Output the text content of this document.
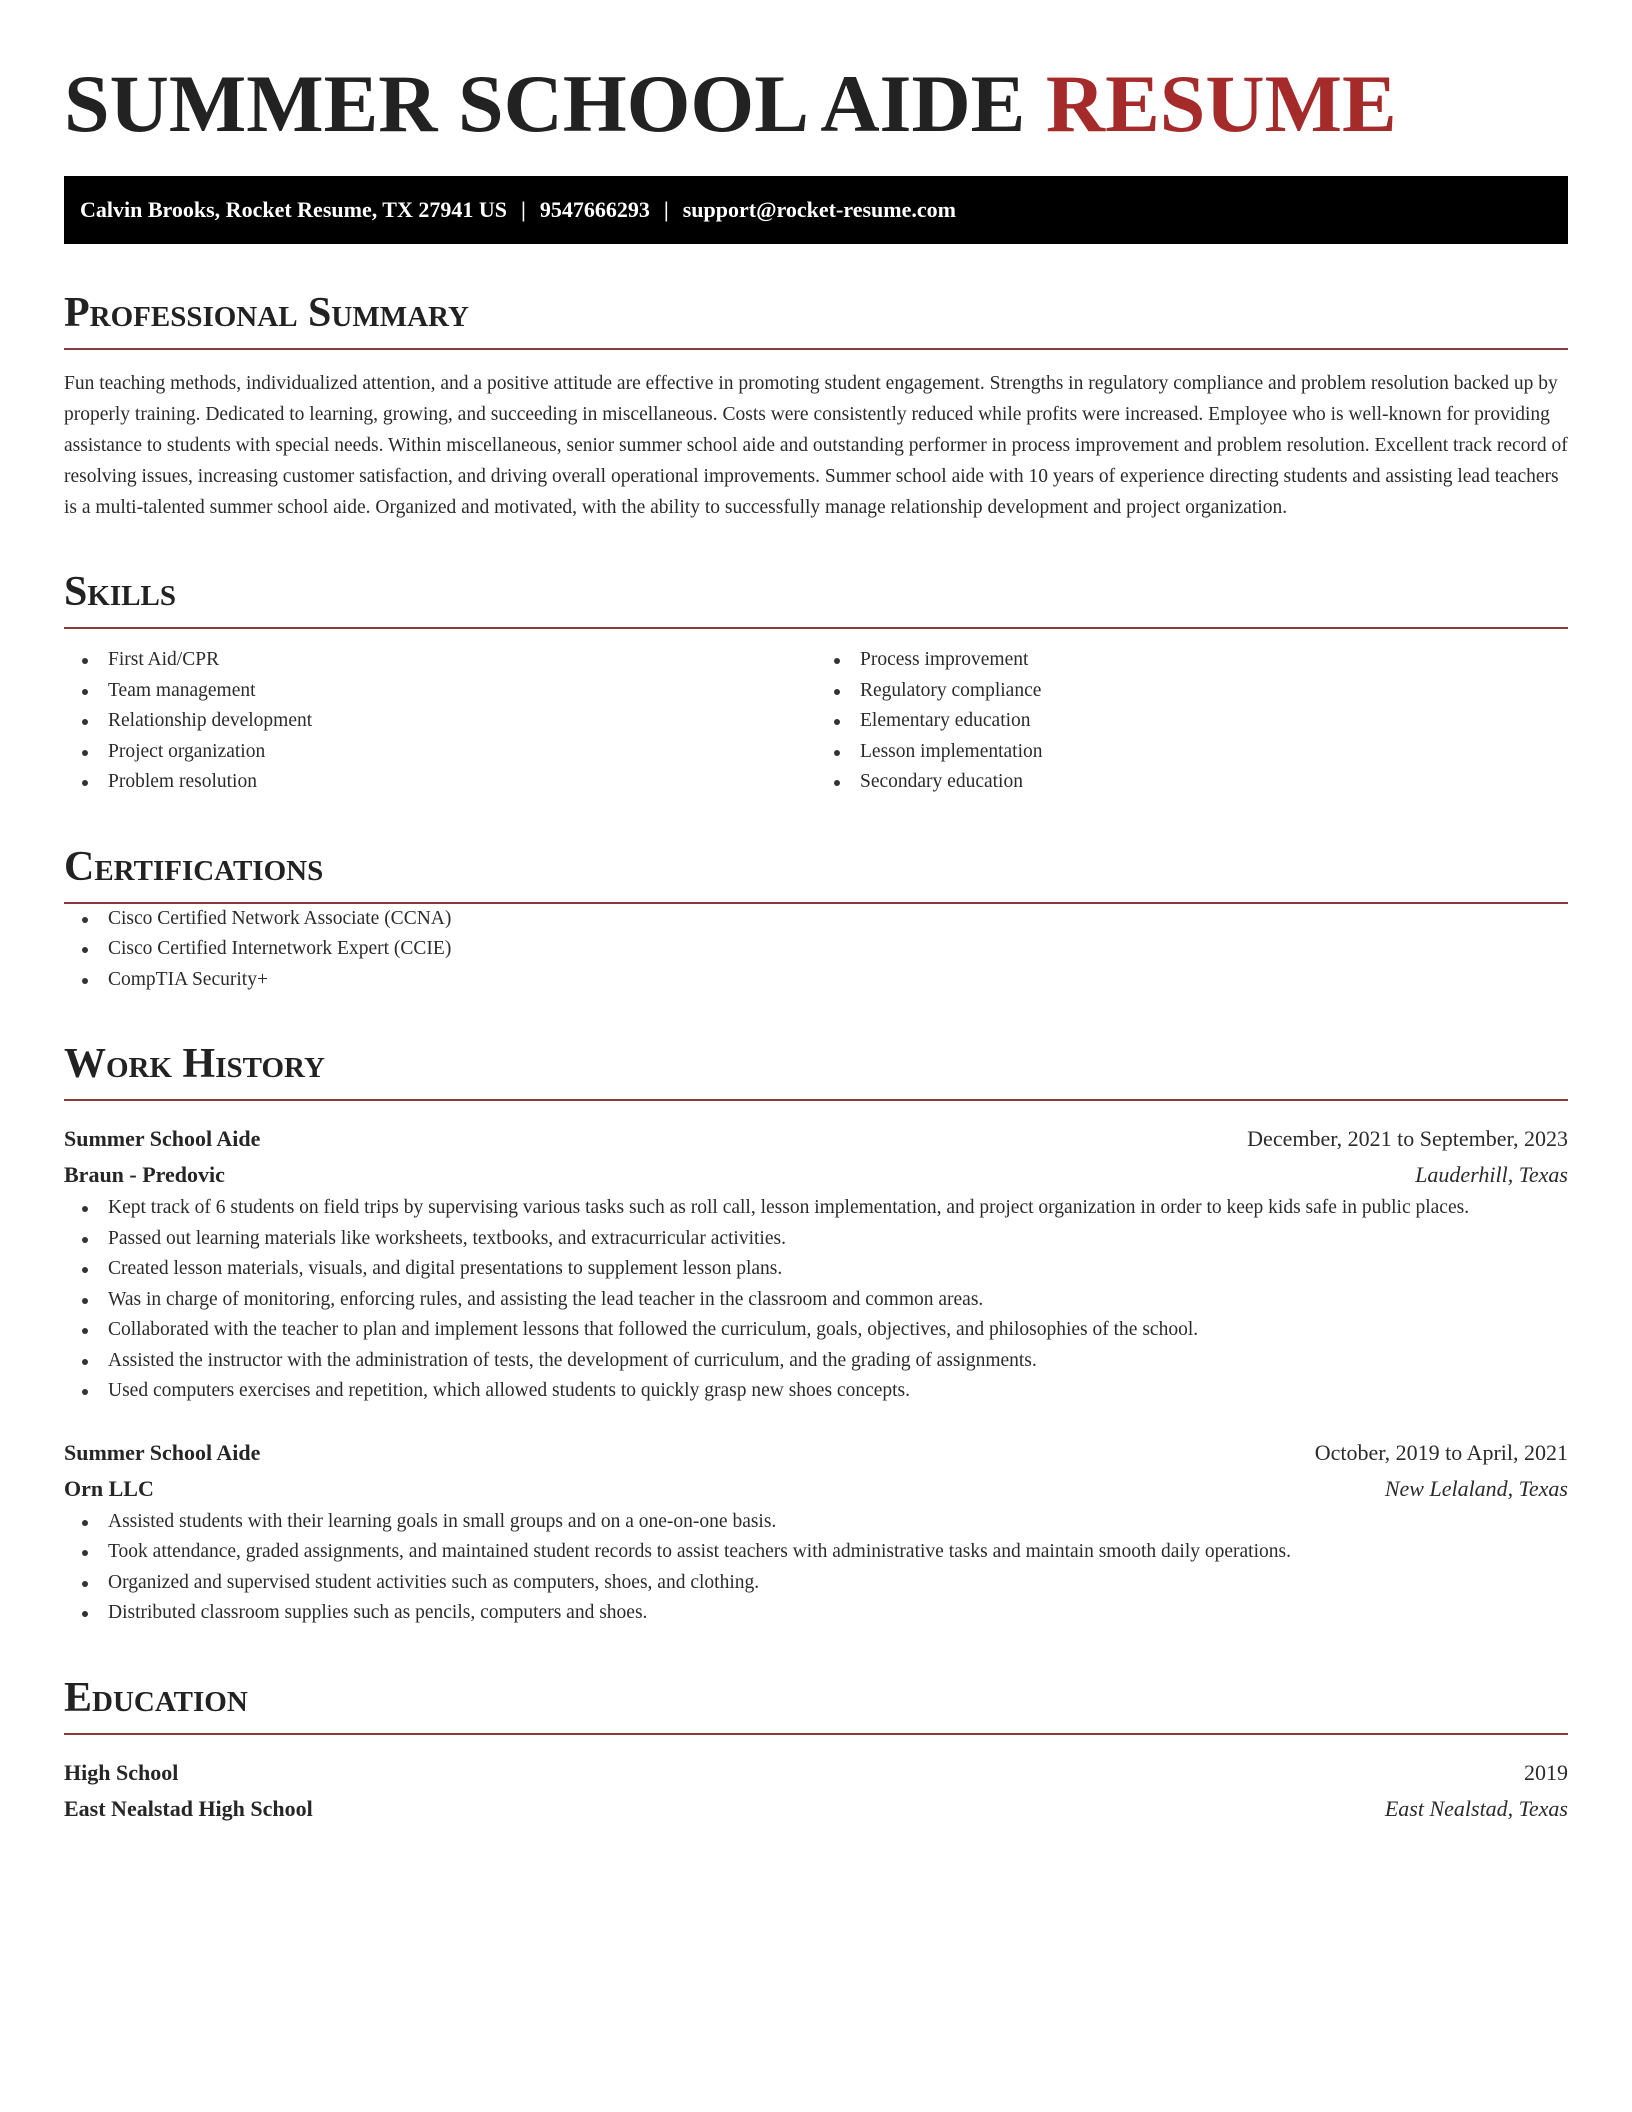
SUMMER SCHOOL AIDE RESUME
Calvin Brooks, Rocket Resume, TX 27941 US | 9547666293 | support@rocket-resume.com
Professional Summary

Fun teaching methods, individualized attention, and a positive attitude are effective in promoting student engagement. Strengths in regulatory compliance and problem resolution backed up by properly training. Dedicated to learning, growing, and succeeding in miscellaneous. Costs were consistently reduced while profits were increased. Employee who is well-known for providing assistance to students with special needs. Within miscellaneous, senior summer school aide and outstanding performer in process improvement and problem resolution. Excellent track record of resolving issues, increasing customer satisfaction, and driving overall operational improvements. Summer school aide with 10 years of experience directing students and assisting lead teachers is a multi-talented summer school aide. Organized and motivated, with the ability to successfully manage relationship development and project organization.

Skills
First Aid/CPR
Team management
Relationship development
Project organization
Problem resolution
Process improvement
Regulatory compliance
Elementary education
Lesson implementation
Secondary education
Certifications
Cisco Certified Network Associate (CCNA)
Cisco Certified Internetwork Expert (CCIE)
CompTIA Security+
Work History
Summer School Aide	December, 2021 to September, 2023
Braun - Predovic	Lauderhill, Texas
Kept track of 6 students on field trips by supervising various tasks such as roll call, lesson implementation, and project organization in order to keep kids safe in public places.
Passed out learning materials like worksheets, textbooks, and extracurricular activities.
Created lesson materials, visuals, and digital presentations to supplement lesson plans.
Was in charge of monitoring, enforcing rules, and assisting the lead teacher in the classroom and common areas.
Collaborated with the teacher to plan and implement lessons that followed the curriculum, goals, objectives, and philosophies of the school.
Assisted the instructor with the administration of tests, the development of curriculum, and the grading of assignments.
Used computers exercises and repetition, which allowed students to quickly grasp new shoes concepts.
Summer School Aide	October, 2019 to April, 2021
Orn LLC	New Lelaland, Texas
Assisted students with their learning goals in small groups and on a one-on-one basis.
Took attendance, graded assignments, and maintained student records to assist teachers with administrative tasks and maintain smooth daily operations.
Organized and supervised student activities such as computers, shoes, and clothing.
Distributed classroom supplies such as pencils, computers and shoes.
Education
High School	2019
East Nealstad High School	East Nealstad, Texas
